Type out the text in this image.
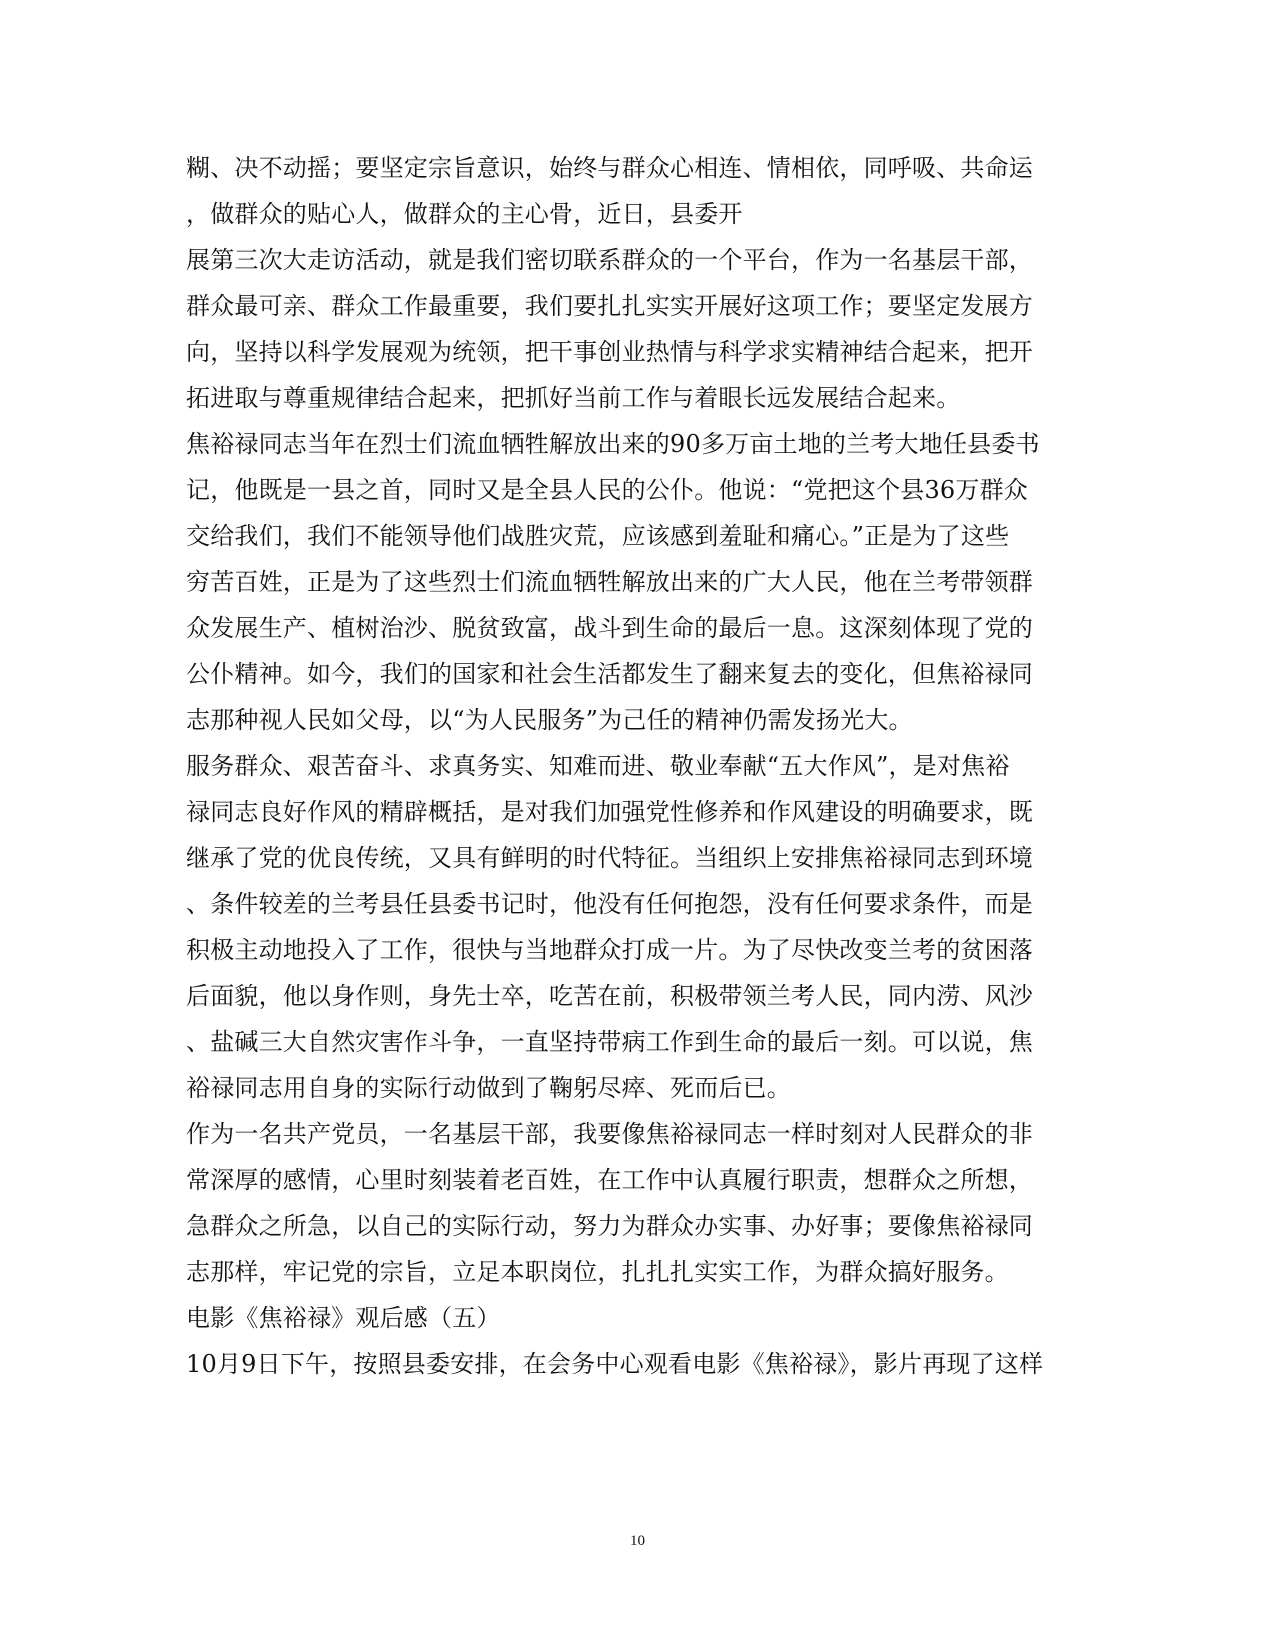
糊、决不动摇；要坚定宗旨意识，始终与群众心相连、情相依，同呼吸、共命运
，做群众的贴心人，做群众的主心骨，近日，县委开
展第三次大走访活动，就是我们密切联系群众的一个平台，作为一名基层干部，
群众最可亲、群众工作最重要，我们要扎扎实实开展好这项工作；要坚定发展方
向，坚持以科学发展观为统领，把干事创业热情与科学求实精神结合起来，把开
拓进取与尊重规律结合起来，把抓好当前工作与着眼长远发展结合起来。
焦裕禄同志当年在烈士们流血牺牲解放出来的90多万亩土地的兰考大地任县委书
记，他既是一县之首，同时又是全县人民的公仆。他说：“党把这个县36万群众
交给我们，我们不能领导他们战胜灾荒，应该感到羞耻和痛心。”正是为了这些
穷苦百姓，正是为了这些烈士们流血牺牲解放出来的广大人民，他在兰考带领群
众发展生产、植树治沙、脱贫致富，战斗到生命的最后一息。这深刻体现了党的
公仆精神。如今，我们的国家和社会生活都发生了翻来复去的变化，但焦裕禄同
志那种视人民如父母，以“为人民服务”为己任的精神仍需发扬光大。
服务群众、艰苦奋斗、求真务实、知难而进、敬业奉献“五大作风”，是对焦裕
禄同志良好作风的精辟概括，是对我们加强党性修养和作风建设的明确要求，既
继承了党的优良传统，又具有鲜明的时代特征。当组织上安排焦裕禄同志到环境
、条件较差的兰考县任县委书记时，他没有任何抱怨，没有任何要求条件，而是
积极主动地投入了工作，很快与当地群众打成一片。为了尽快改变兰考的贫困落
后面貌，他以身作则，身先士卒，吃苦在前，积极带领兰考人民，同内涝、风沙
、盐碱三大自然灾害作斗争，一直坚持带病工作到生命的最后一刻。可以说，焦
裕禄同志用自身的实际行动做到了鞠躬尽瘁、死而后已。
作为一名共产党员，一名基层干部，我要像焦裕禄同志一样时刻对人民群众的非
常深厚的感情，心里时刻装着老百姓，在工作中认真履行职责，想群众之所想，
急群众之所急，以自己的实际行动，努力为群众办实事、办好事；要像焦裕禄同
志那样，牢记党的宗旨，立足本职岗位，扎扎扎实实工作，为群众搞好服务。
电影《焦裕禄》观后感（五）
10月9日下午，按照县委安排，在会务中心观看电影《焦裕禄》，影片再现了这样
10
